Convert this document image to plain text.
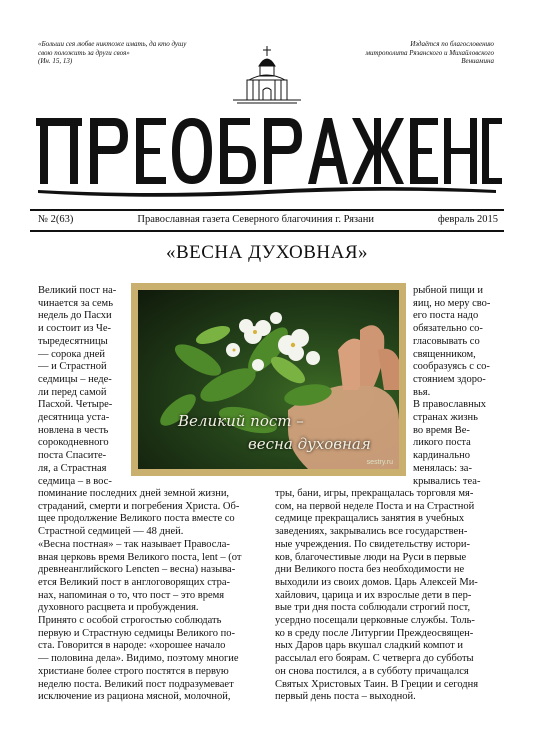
«Больши сея любве никтоже имать, да кто душу свою положить за други своя»
(Ин. 15, 13)
Издаётся по благословению
митрополита Рязанского и Михайловского
Вениамина
№ 2(63)	Православная газета Северного благочиния г. Рязани	февраль 2015
«ВЕСНА ДУХОВНАЯ»

Великий пост на-

чинается за семь

недель до Пасхи

и состоит из Че-

тыредесятницы

— сорока дней

— и Страстной

седмицы – неде-

ли перед самой

Пасхой. Четыре-

десятница уста-

новлена в честь

сорокодневного

поста Спасите-

ля, а Страстная

седмица – в вос-

поминание последних дней земной жизни,

страданий, смерти и погребения Христа. Об-

щее продолжение Великого поста вместе со

Страстной седмицей — 48 дней.

«Весна постная» – так называет Правосла-

вная церковь время Великого поста, lent – (от

древнеанглийского Lencten – весна) называ-

ется Великий пост в англоговорящих стра-

нах, напоминая о то, что пост – это время

духовного расцвета и пробуждения.

Принято с особой строгостью соблюдать

первую и Страстную седмицы Великого по-

ста. Говорится в народе: «хорошее начало

— половина дела». Видимо, поэтому многие

христиане более строго постятся в первую

неделю поста. Великий пост подразумевает

исключение из рациона мясной, молочной,

рыбной пищи и

яиц, но меру сво-

его поста надо

обязательно со-

гласовывать со

священником,

сообразуясь с со-

стоянием здоро-

вья.

В православных

странах жизнь

во время Ве-

ликого поста

кардинально

менялась: за-

крывались теа-

тры, бани, игры, прекращалась торговля мя-

сом, на первой неделе Поста и на Страстной

седмице прекращались занятия в учебных

заведениях, закрывались все государствен-

ные учреждения. По свидетельству истори-

ков, благочестивые люди на Руси в первые

дни Великого поста без необходимости не

выходили из своих домов. Царь Алексей Ми-

хайлович, царица и их взрослые дети в пер-

вые три дня поста соблюдали строгий пост,

усердно посещали церковные службы. Толь-

ко в среду после Литургии Преждеосвящен-

ных Даров царь вкушал сладкий компот и

рассылал его боярам. С четверга до субботы

он снова постился, а в субботу причащался

Святых Христовых Таин. В Греции и сегодня

первый день поста – выходной.

Великий пост –
весна духовная
sestry.ru
